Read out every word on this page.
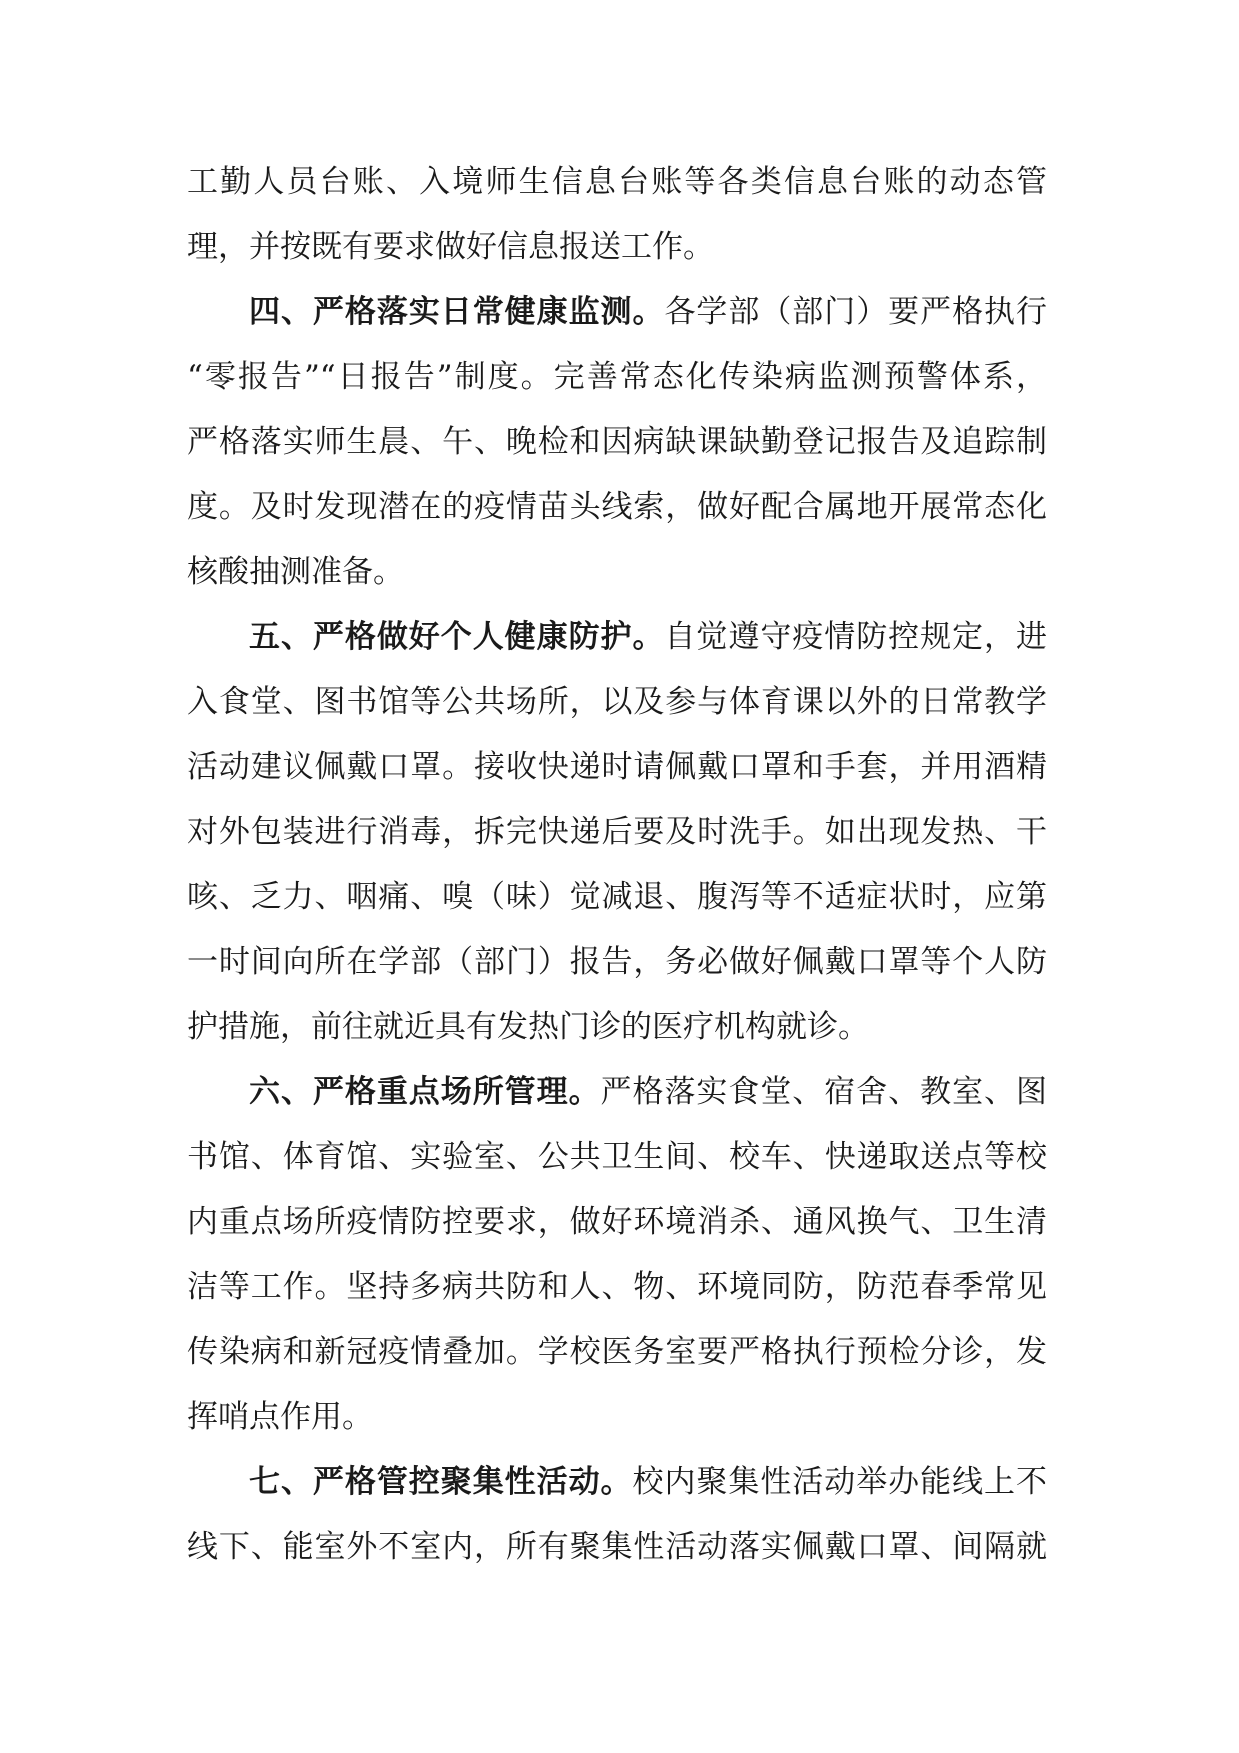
工勤人员台账、入境师生信息台账等各类信息台账的动态管
理，并按既有要求做好信息报送工作。
四、严格落实日常健康监测。各学部（部门）要严格执行
“零报告”“日报告”制度。完善常态化传染病监测预警体系，
严格落实师生晨、午、晚检和因病缺课缺勤登记报告及追踪制
度。及时发现潜在的疫情苗头线索，做好配合属地开展常态化
核酸抽测准备。
五、严格做好个人健康防护。自觉遵守疫情防控规定，进
入食堂、图书馆等公共场所，以及参与体育课以外的日常教学
活动建议佩戴口罩。接收快递时请佩戴口罩和手套，并用酒精
对外包装进行消毒，拆完快递后要及时洗手。如出现发热、干
咳、乏力、咽痛、嗅（味）觉减退、腹泻等不适症状时，应第
一时间向所在学部（部门）报告，务必做好佩戴口罩等个人防
护措施，前往就近具有发热门诊的医疗机构就诊。
六、严格重点场所管理。严格落实食堂、宿舍、教室、图
书馆、体育馆、实验室、公共卫生间、校车、快递取送点等校
内重点场所疫情防控要求，做好环境消杀、通风换气、卫生清
洁等工作。坚持多病共防和人、物、环境同防，防范春季常见
传染病和新冠疫情叠加。学校医务室要严格执行预检分诊，发
挥哨点作用。
七、严格管控聚集性活动。校内聚集性活动举办能线上不
线下、能室外不室内，所有聚集性活动落实佩戴口罩、间隔就
